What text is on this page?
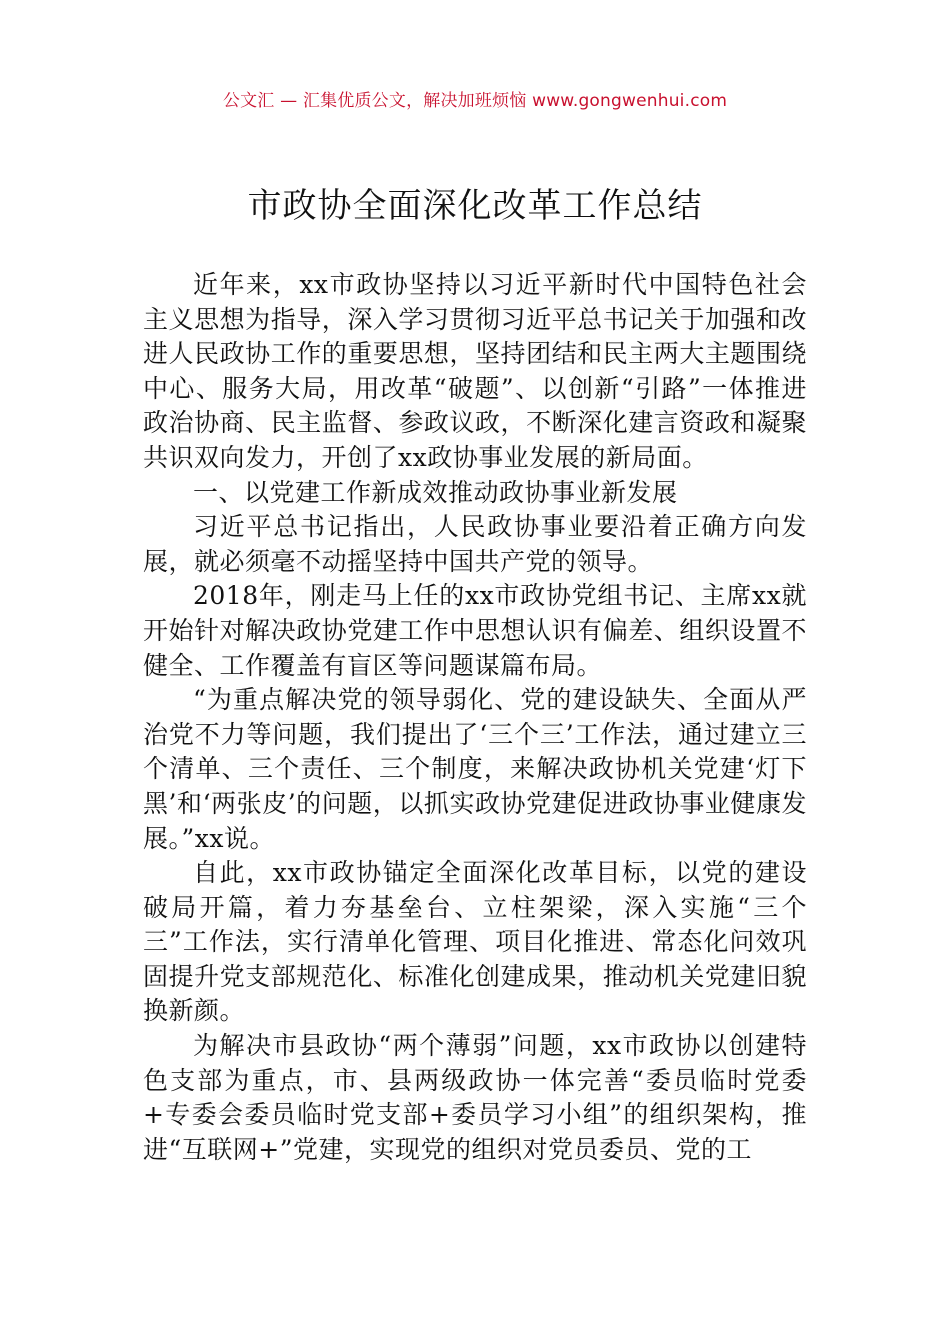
公文汇 — 汇集优质公文，解决加班烦恼 www.gongwenhui.com
市政协全面深化改革工作总结

近年来，xx市政协坚持以习近平新时代中国特色社会主义思想为指导，深入学习贯彻习近平总书记关于加强和改进人民政协工作的重要思想，坚持团结和民主两大主题围绕中心、服务大局，用改革“破题”、以创新“引路”一体推进政治协商、民主监督、参政议政，不断深化建言资政和凝聚共识双向发力，开创了xx政协事业发展的新局面。

一、以党建工作新成效推动政协事业新发展

习近平总书记指出，人民政协事业要沿着正确方向发展，就必须毫不动摇坚持中国共产党的领导。

2018年，刚走马上任的xx市政协党组书记、主席xx就开始针对解决政协党建工作中思想认识有偏差、组织设置不健全、工作覆盖有盲区等问题谋篇布局。

“为重点解决党的领导弱化、党的建设缺失、全面从严治党不力等问题，我们提出了‘三个三’工作法，通过建立三个清单、三个责任、三个制度，来解决政协机关党建‘灯下黑’和‘两张皮’的问题，以抓实政协党建促进政协事业健康发展。”xx说。

自此，xx市政协锚定全面深化改革目标，以党的建设破局开篇，着力夯基垒台、立柱架梁，深入实施“三个三”工作法，实行清单化管理、项目化推进、常态化问效巩固提升党支部规范化、标准化创建成果，推动机关党建旧貌换新颜。

为解决市县政协“两个薄弱”问题，xx市政协以创建特色支部为重点，市、县两级政协一体完善“委员临时党委+专委会委员临时党支部+委员学习小组”的组织架构，推进“互联网+”党建，实现党的组织对党员委员、党的工
